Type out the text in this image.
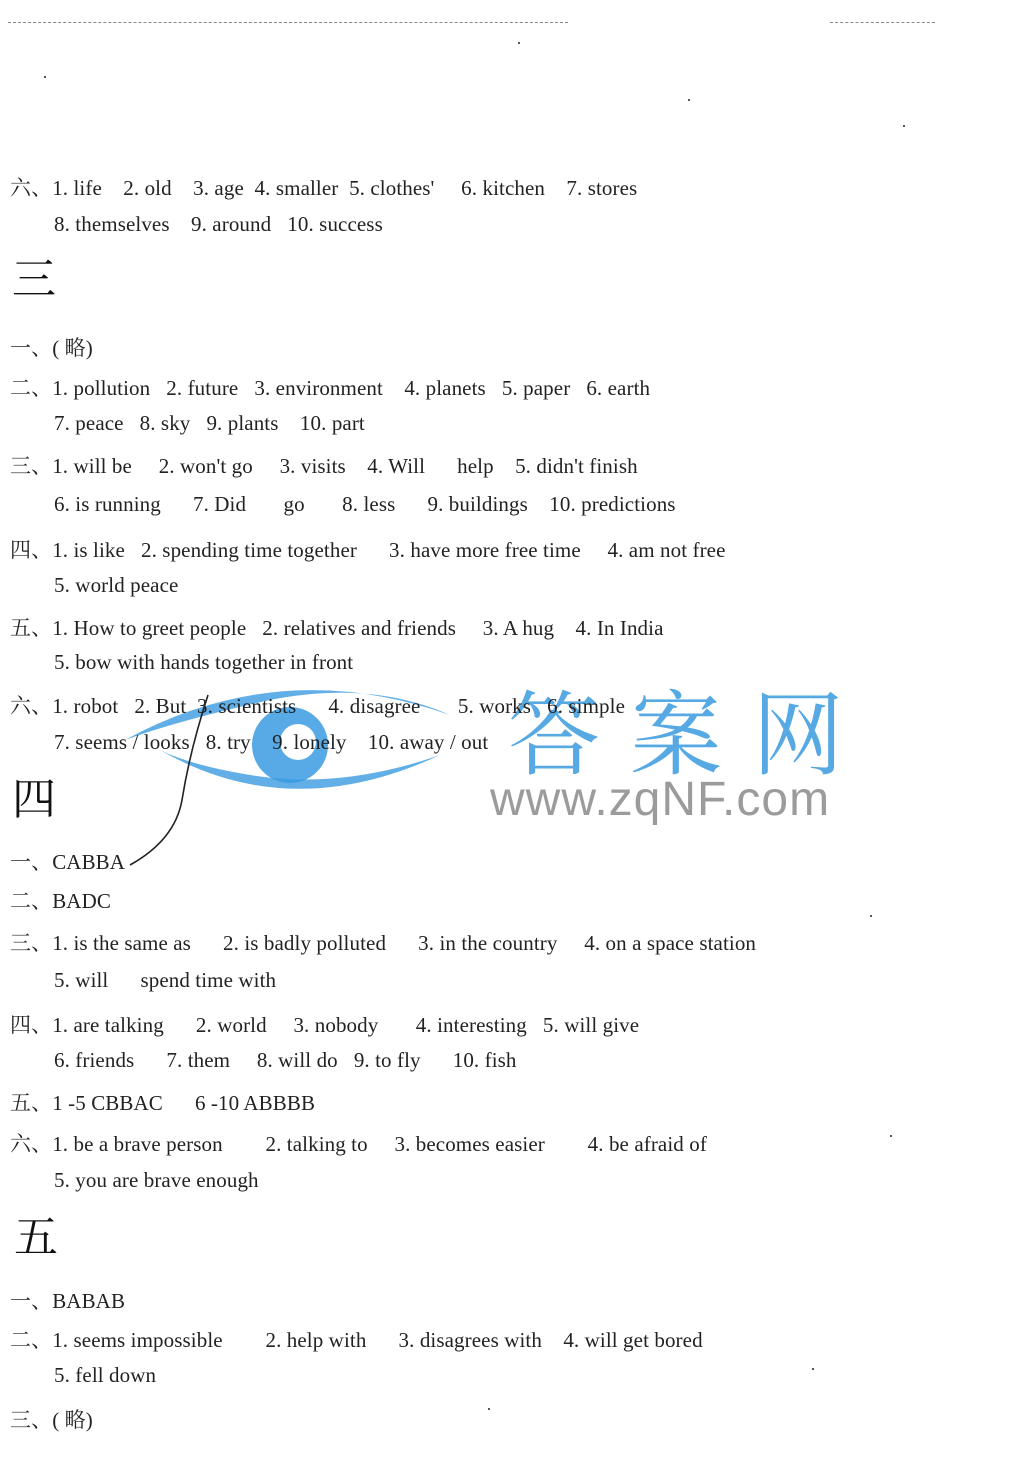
答案网
www.zqNF.com
六、1. life    2. old    3. age  4. smaller  5. clothes'     6. kitchen    7. stores
8. themselves    9. around   10. success
三
一、( 略)
二、1. pollution   2. future   3. environment    4. planets   5. paper   6. earth
7. peace   8. sky   9. plants    10. part
三、1. will be     2. won't go     3. visits    4. Will      help    5. didn't finish
6. is running      7. Did       go       8. less      9. buildings    10. predictions
四、1. is like   2. spending time together      3. have more free time     4. am not free
5. world peace
五、1. How to greet people   2. relatives and friends     3. A hug    4. In India
5. bow with hands together in front
六、1. robot   2. But  3. scientists      4. disagree       5. works   6. simple
7. seems / looks   8. try    9. lonely    10. away / out
四
一、CABBA
二、BADC
三、1. is the same as      2. is badly polluted      3. in the country     4. on a space station
5. will      spend time with
四、1. are talking      2. world     3. nobody       4. interesting   5. will give
6. friends      7. them     8. will do   9. to fly      10. fish
五、1 -5 CBBAC      6 -10 ABBBB
六、1. be a brave person        2. talking to     3. becomes easier        4. be afraid of
5. you are brave enough
五
一、BABAB
二、1. seems impossible        2. help with      3. disagrees with    4. will get bored
5. fell down
三、( 略)
